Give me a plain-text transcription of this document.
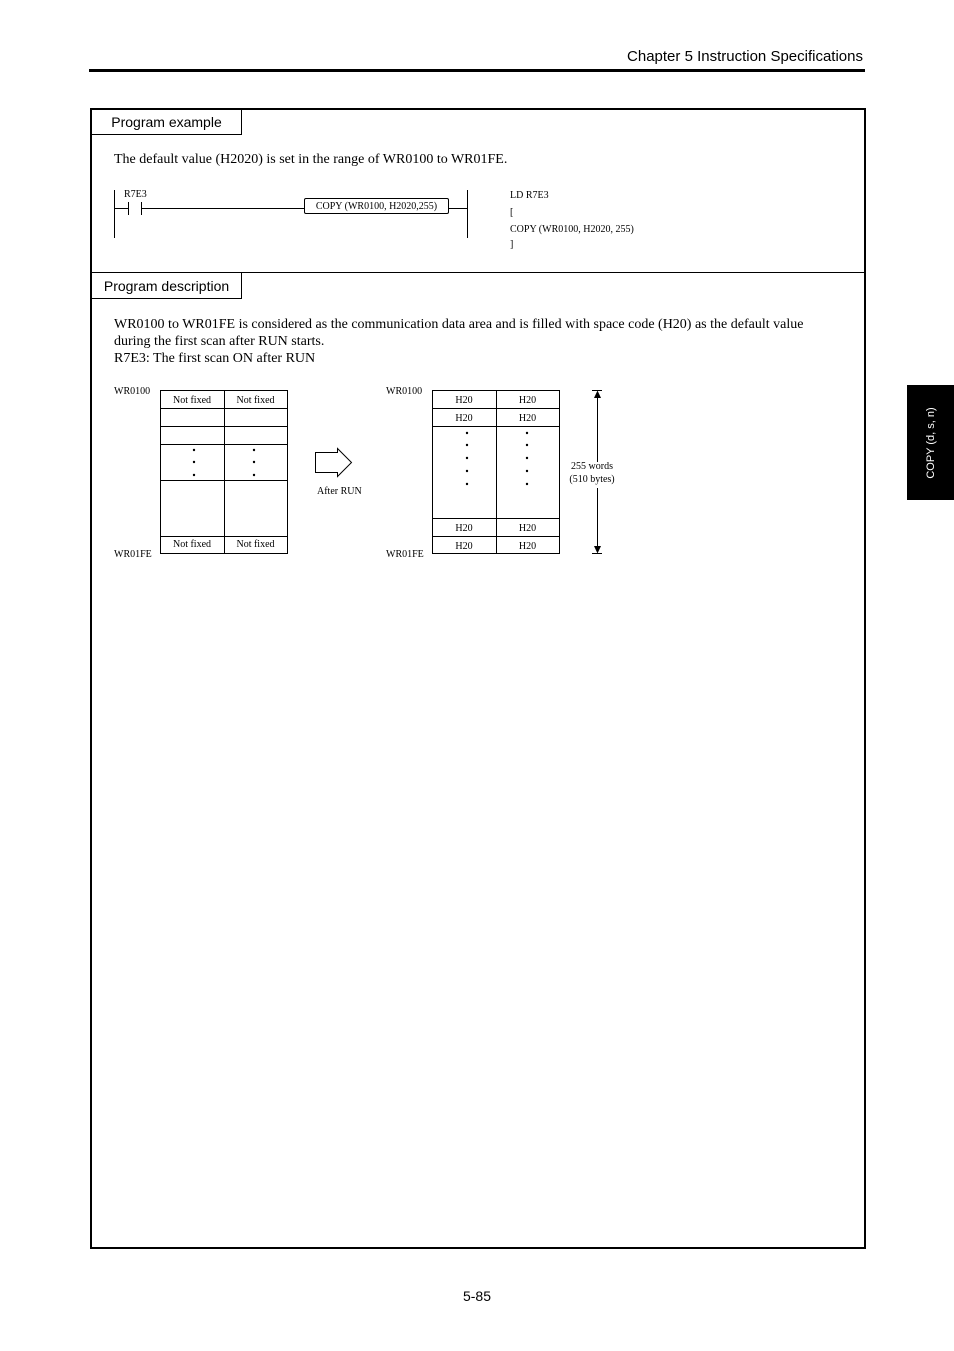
Chapter 5 Instruction Specifications
Program example
The default value (H2020) is set in the range of WR0100 to WR01FE.
R7E3
COPY (WR0100, H2020,255)
LD R7E3
[
COPY (WR0100, H2020, 255)
]
Program description
WR0100 to WR01FE is considered as the communication data area and is filled with space code (H20) as the default value
during the first scan after RUN starts.
R7E3: The first scan ON after RUN
WR0100
WR01FE
Not fixed	Not fixed
Not fixed	Not fixed
After RUN
WR0100
WR01FE
H20	H20
H20	H20
H20	H20
H20	H20
255 words
(510 bytes)
COPY (d, s, n)
5-85
